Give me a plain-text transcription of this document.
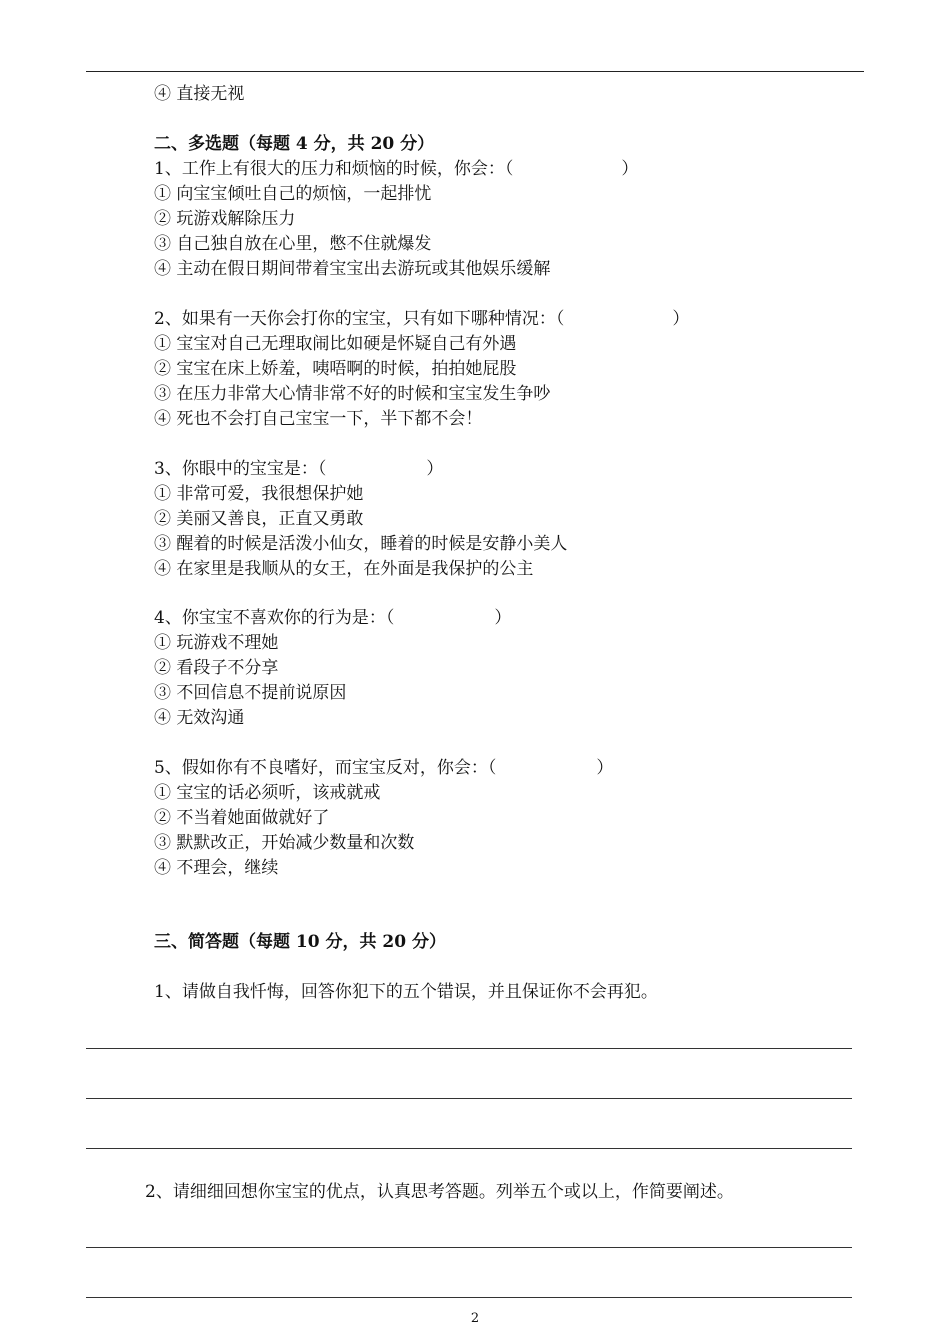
④ 直接无视
二、多选题（每题 4 分，共 20 分）
1、工作上有很大的压力和烦恼的时候，你会：（	）
① 向宝宝倾吐自己的烦恼，一起排忧
② 玩游戏解除压力
③ 自己独自放在心里，憋不住就爆发
④ 主动在假日期间带着宝宝出去游玩或其他娱乐缓解
2、如果有一天你会打你的宝宝，只有如下哪种情况：（	）
① 宝宝对自己无理取闹比如硬是怀疑自己有外遇
② 宝宝在床上娇羞，咦唔啊的时候，拍拍她屁股
③ 在压力非常大心情非常不好的时候和宝宝发生争吵
④ 死也不会打自己宝宝一下，半下都不会！
3、你眼中的宝宝是：（	）
① 非常可爱，我很想保护她
② 美丽又善良，正直又勇敢
③ 醒着的时候是活泼小仙女，睡着的时候是安静小美人
④ 在家里是我顺从的女王，在外面是我保护的公主
4、你宝宝不喜欢你的行为是：（	）
① 玩游戏不理她
② 看段子不分享
③ 不回信息不提前说原因
④ 无效沟通
5、假如你有不良嗜好，而宝宝反对，你会：（	）
① 宝宝的话必须听，该戒就戒
② 不当着她面做就好了
③ 默默改正，开始减少数量和次数
④ 不理会，继续
三、简答题（每题 10 分，共 20 分）
1、请做自我忏悔，回答你犯下的五个错误，并且保证你不会再犯。
2、请细细回想你宝宝的优点，认真思考答题。列举五个或以上，作简要阐述。
2
